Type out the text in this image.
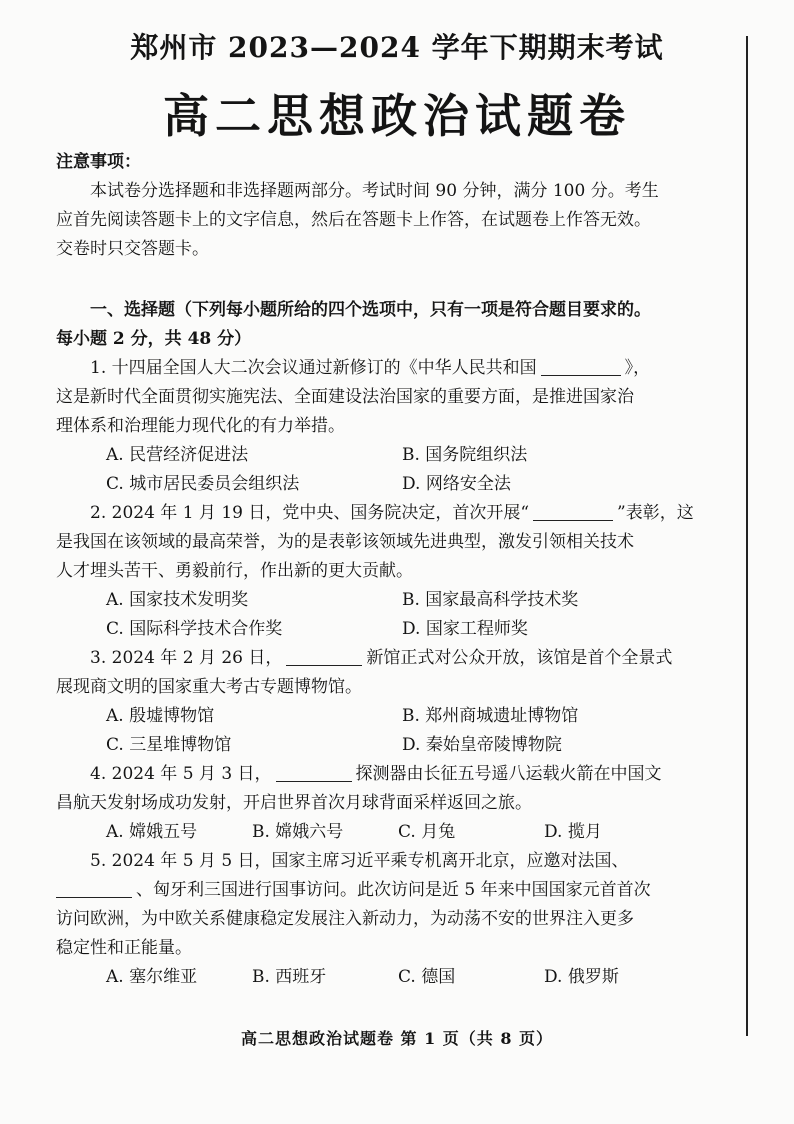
郑州市 2023—2024 学年下期期末考试
高二思想政治试题卷

注意事项：

本试卷分选择题和非选择题两部分。考试时间 90 分钟，满分 100 分。考生

应首先阅读答题卡上的文字信息，然后在答题卡上作答，在试题卷上作答无效。

交卷时只交答题卡。

一、选择题（下列每小题所给的四个选项中，只有一项是符合题目要求的。

每小题 2 分，共 48 分）

1. 十四届全国人大二次会议通过新修订的《中华人民共和国	》，

这是新时代全面贯彻实施宪法、全面建设法治国家的重要方面，是推进国家治

理体系和治理能力现代化的有力举措。

A. 民营经济促进法	B. 国务院组织法
C. 城市居民委员会组织法	D. 网络安全法

2. 2024 年 1 月 19 日，党中央、国务院决定，首次开展“	”表彰，这

是我国在该领域的最高荣誉，为的是表彰该领域先进典型，激发引领相关技术

人才埋头苦干、勇毅前行，作出新的更大贡献。

A. 国家技术发明奖	B. 国家最高科学技术奖
C. 国际科学技术合作奖	D. 国家工程师奖

3. 2024 年 2 月 26 日，	新馆正式对公众开放，该馆是首个全景式

展现商文明的国家重大考古专题博物馆。

A. 殷墟博物馆	B. 郑州商城遗址博物馆
C. 三星堆博物馆	D. 秦始皇帝陵博物院

4. 2024 年 5 月 3 日，	探测器由长征五号遥八运载火箭在中国文

昌航天发射场成功发射，开启世界首次月球背面采样返回之旅。

A. 嫦娥五号	B. 嫦娥六号	C. 月兔	D. 揽月

5. 2024 年 5 月 5 日，国家主席习近平乘专机离开北京，应邀对法国、

、匈牙利三国进行国事访问。此次访问是近 5 年来中国国家元首首次

访问欧洲，为中欧关系健康稳定发展注入新动力，为动荡不安的世界注入更多

稳定性和正能量。

A. 塞尔维亚	B. 西班牙	C. 德国	D. 俄罗斯
高二思想政治试题卷 第 1 页（共 8 页）
